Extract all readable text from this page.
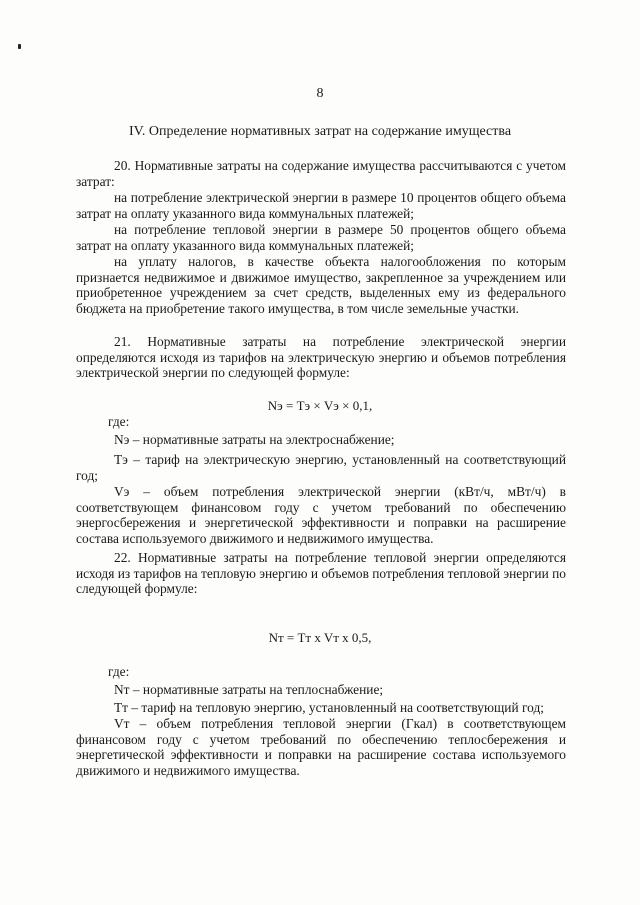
8
IV. Определение нормативных затрат на содержание имущества
20. Нормативные затраты на содержание имущества рассчитываются с учетом затрат:
на потребление электрической энергии в размере 10 процентов общего объема затрат на оплату указанного вида коммунальных платежей;
на потребление тепловой энергии в размере 50 процентов общего объема затрат на оплату указанного вида коммунальных платежей;
на уплату налогов, в качестве объекта налогообложения по которым признается недвижимое и движимое имущество, закрепленное за учреждением или приобретенное учреждением за счет средств, выделенных ему из федерального бюджета на приобретение такого имущества, в том числе земельные участки.
21. Нормативные затраты на потребление электрической энергии определяются исходя из тарифов на электрическую энергию и объемов потребления электрической энергии по следующей формуле:
Nэ = Tэ × Vэ × 0,1,
где:
Nэ – нормативные затраты на электроснабжение;
Tэ – тариф на электрическую энергию, установленный на соответствующий год;
Vэ – объем потребления электрической энергии (кВт/ч, мВт/ч) в соответствующем финансовом году с учетом требований по обеспечению энергосбережения и энергетической эффективности и поправки на расширение состава используемого движимого и недвижимого имущества.
22. Нормативные затраты на потребление тепловой энергии определяются исходя из тарифов на тепловую энергию и объемов потребления тепловой энергии по следующей формуле:
Nт = Tт x Vт x 0,5,
где:
Nт – нормативные затраты на теплоснабжение;
Tт – тариф на тепловую энергию, установленный на соответствующий год;
Vт – объем потребления тепловой энергии (Гкал) в соответствующем финансовом году с учетом требований по обеспечению теплосбережения и энергетической эффективности и поправки на расширение состава используемого движимого и недвижимого имущества.
